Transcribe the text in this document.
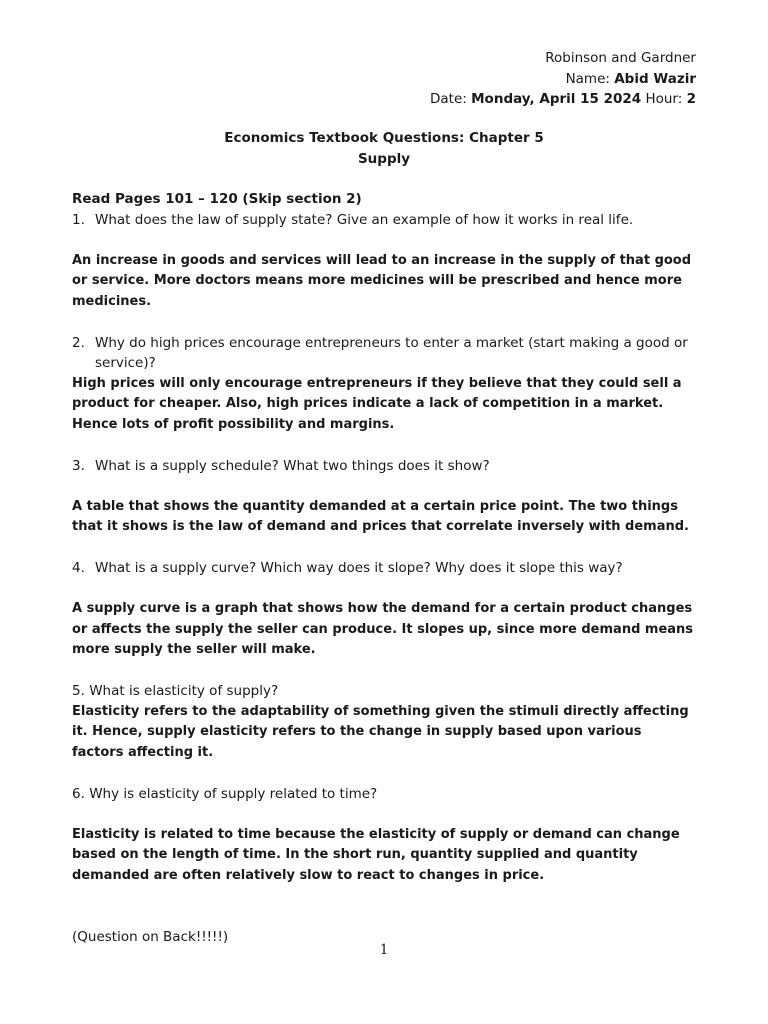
Robinson and Gardner
Name: Abid Wazir
Date: Monday, April 15 2024 Hour: 2
Economics Textbook Questions: Chapter 5
Supply

Read Pages 101 – 120 (Skip section 2)

1. What does the law of supply state? Give an example of how it works in real life.

An increase in goods and services will lead to an increase in the supply of that good or service. More doctors means more medicines will be prescribed and hence more medicines.

2. Why do high prices encourage entrepreneurs to enter a market (start making a good or service)?

High prices will only encourage entrepreneurs if they believe that they could sell a product for cheaper. Also, high prices indicate a lack of competition in a market. Hence lots of profit possibility and margins.

3. What is a supply schedule? What two things does it show?

A table that shows the quantity demanded at a certain price point. The two things that it shows is the law of demand and prices that correlate inversely with demand.

4. What is a supply curve? Which way does it slope? Why does it slope this way?

A supply curve is a graph that shows how the demand for a certain product changes or affects the supply the seller can produce. It slopes up, since more demand means more supply the seller will make.

5. What is elasticity of supply?

Elasticity refers to the adaptability of something given the stimuli directly affecting it. Hence, supply elasticity refers to the change in supply based upon various factors affecting it.

6. Why is elasticity of supply related to time?

Elasticity is related to time because the elasticity of supply or demand can change based on the length of time. In the short run, quantity supplied and quantity demanded are often relatively slow to react to changes in price.

(Question on Back!!!!!)

1
